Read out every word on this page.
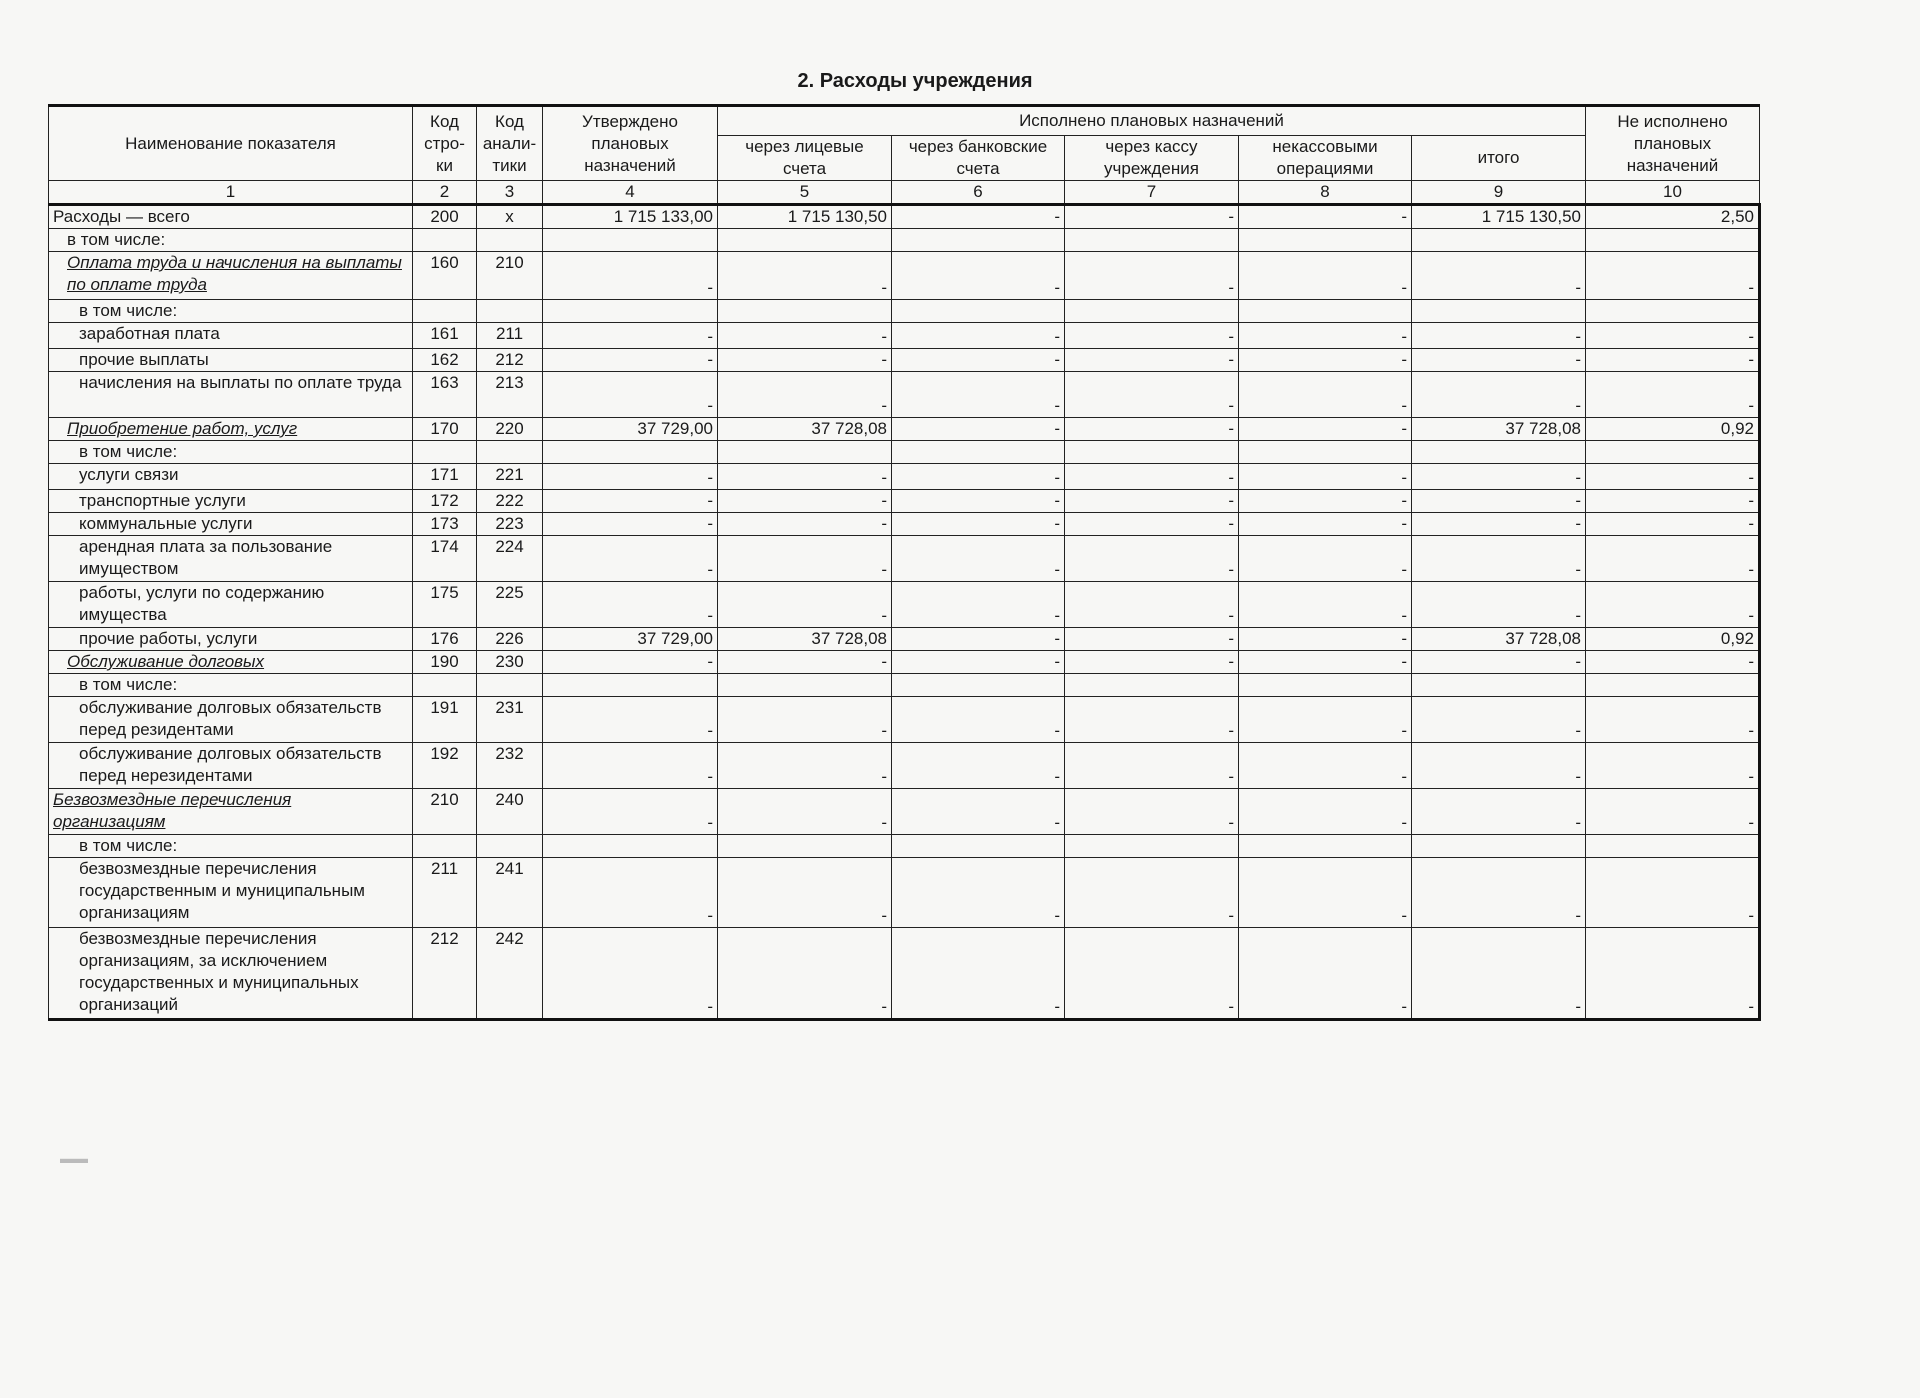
2. Расходы учреждения
Наименование показателя	Код стро-ки	Код анали-тики	Утверждено плановых назначений	Исполнено плановых назначений					Не исполнено плановых назначений
				через лицевые счета	через банковские счета	через кассу учреждения	некассовыми операциями	итого	
1	2	3	4	5	6	7	8	9	10
Расходы — всего	200	х	1 715 133,00	1 715 130,50	-	-	-	1 715 130,50	2,50
в том числе:									
Оплата труда и начисления на выплаты по оплате труда	160	210	-	-	-	-	-	-	-
в том числе:									
заработная плата	161	211	-	-	-	-	-	-	-
прочие выплаты	162	212	-	-	-	-	-	-	-
начисления на выплаты по оплате труда	163	213	-	-	-	-	-	-	-
Приобретение работ, услуг	170	220	37 729,00	37 728,08	-	-	-	37 728,08	0,92
в том числе:									
услуги связи	171	221	-	-	-	-	-	-	-
транспортные услуги	172	222	-	-	-	-	-	-	-
коммунальные услуги	173	223	-	-	-	-	-	-	-
арендная плата за пользование имуществом	174	224	-	-	-	-	-	-	-
работы, услуги по содержанию имущества	175	225	-	-	-	-	-	-	-
прочие работы, услуги	176	226	37 729,00	37 728,08	-	-	-	37 728,08	0,92
Обслуживание долговых	190	230	-	-	-	-	-	-	-
в том числе:									
обслуживание долговых обязательств перед резидентами	191	231	-	-	-	-	-	-	-
обслуживание долговых обязательств перед нерезидентами	192	232	-	-	-	-	-	-	-
Безвозмездные перечисления организациям	210	240	-	-	-	-	-	-	-
в том числе:									
безвозмездные перечисления государственным и муниципальным организациям	211	241	-	-	-	-	-	-	-
безвозмездные перечисления организациям, за исключением государственных и муниципальных организаций	212	242	-	-	-	-	-	-	-
▬▬
